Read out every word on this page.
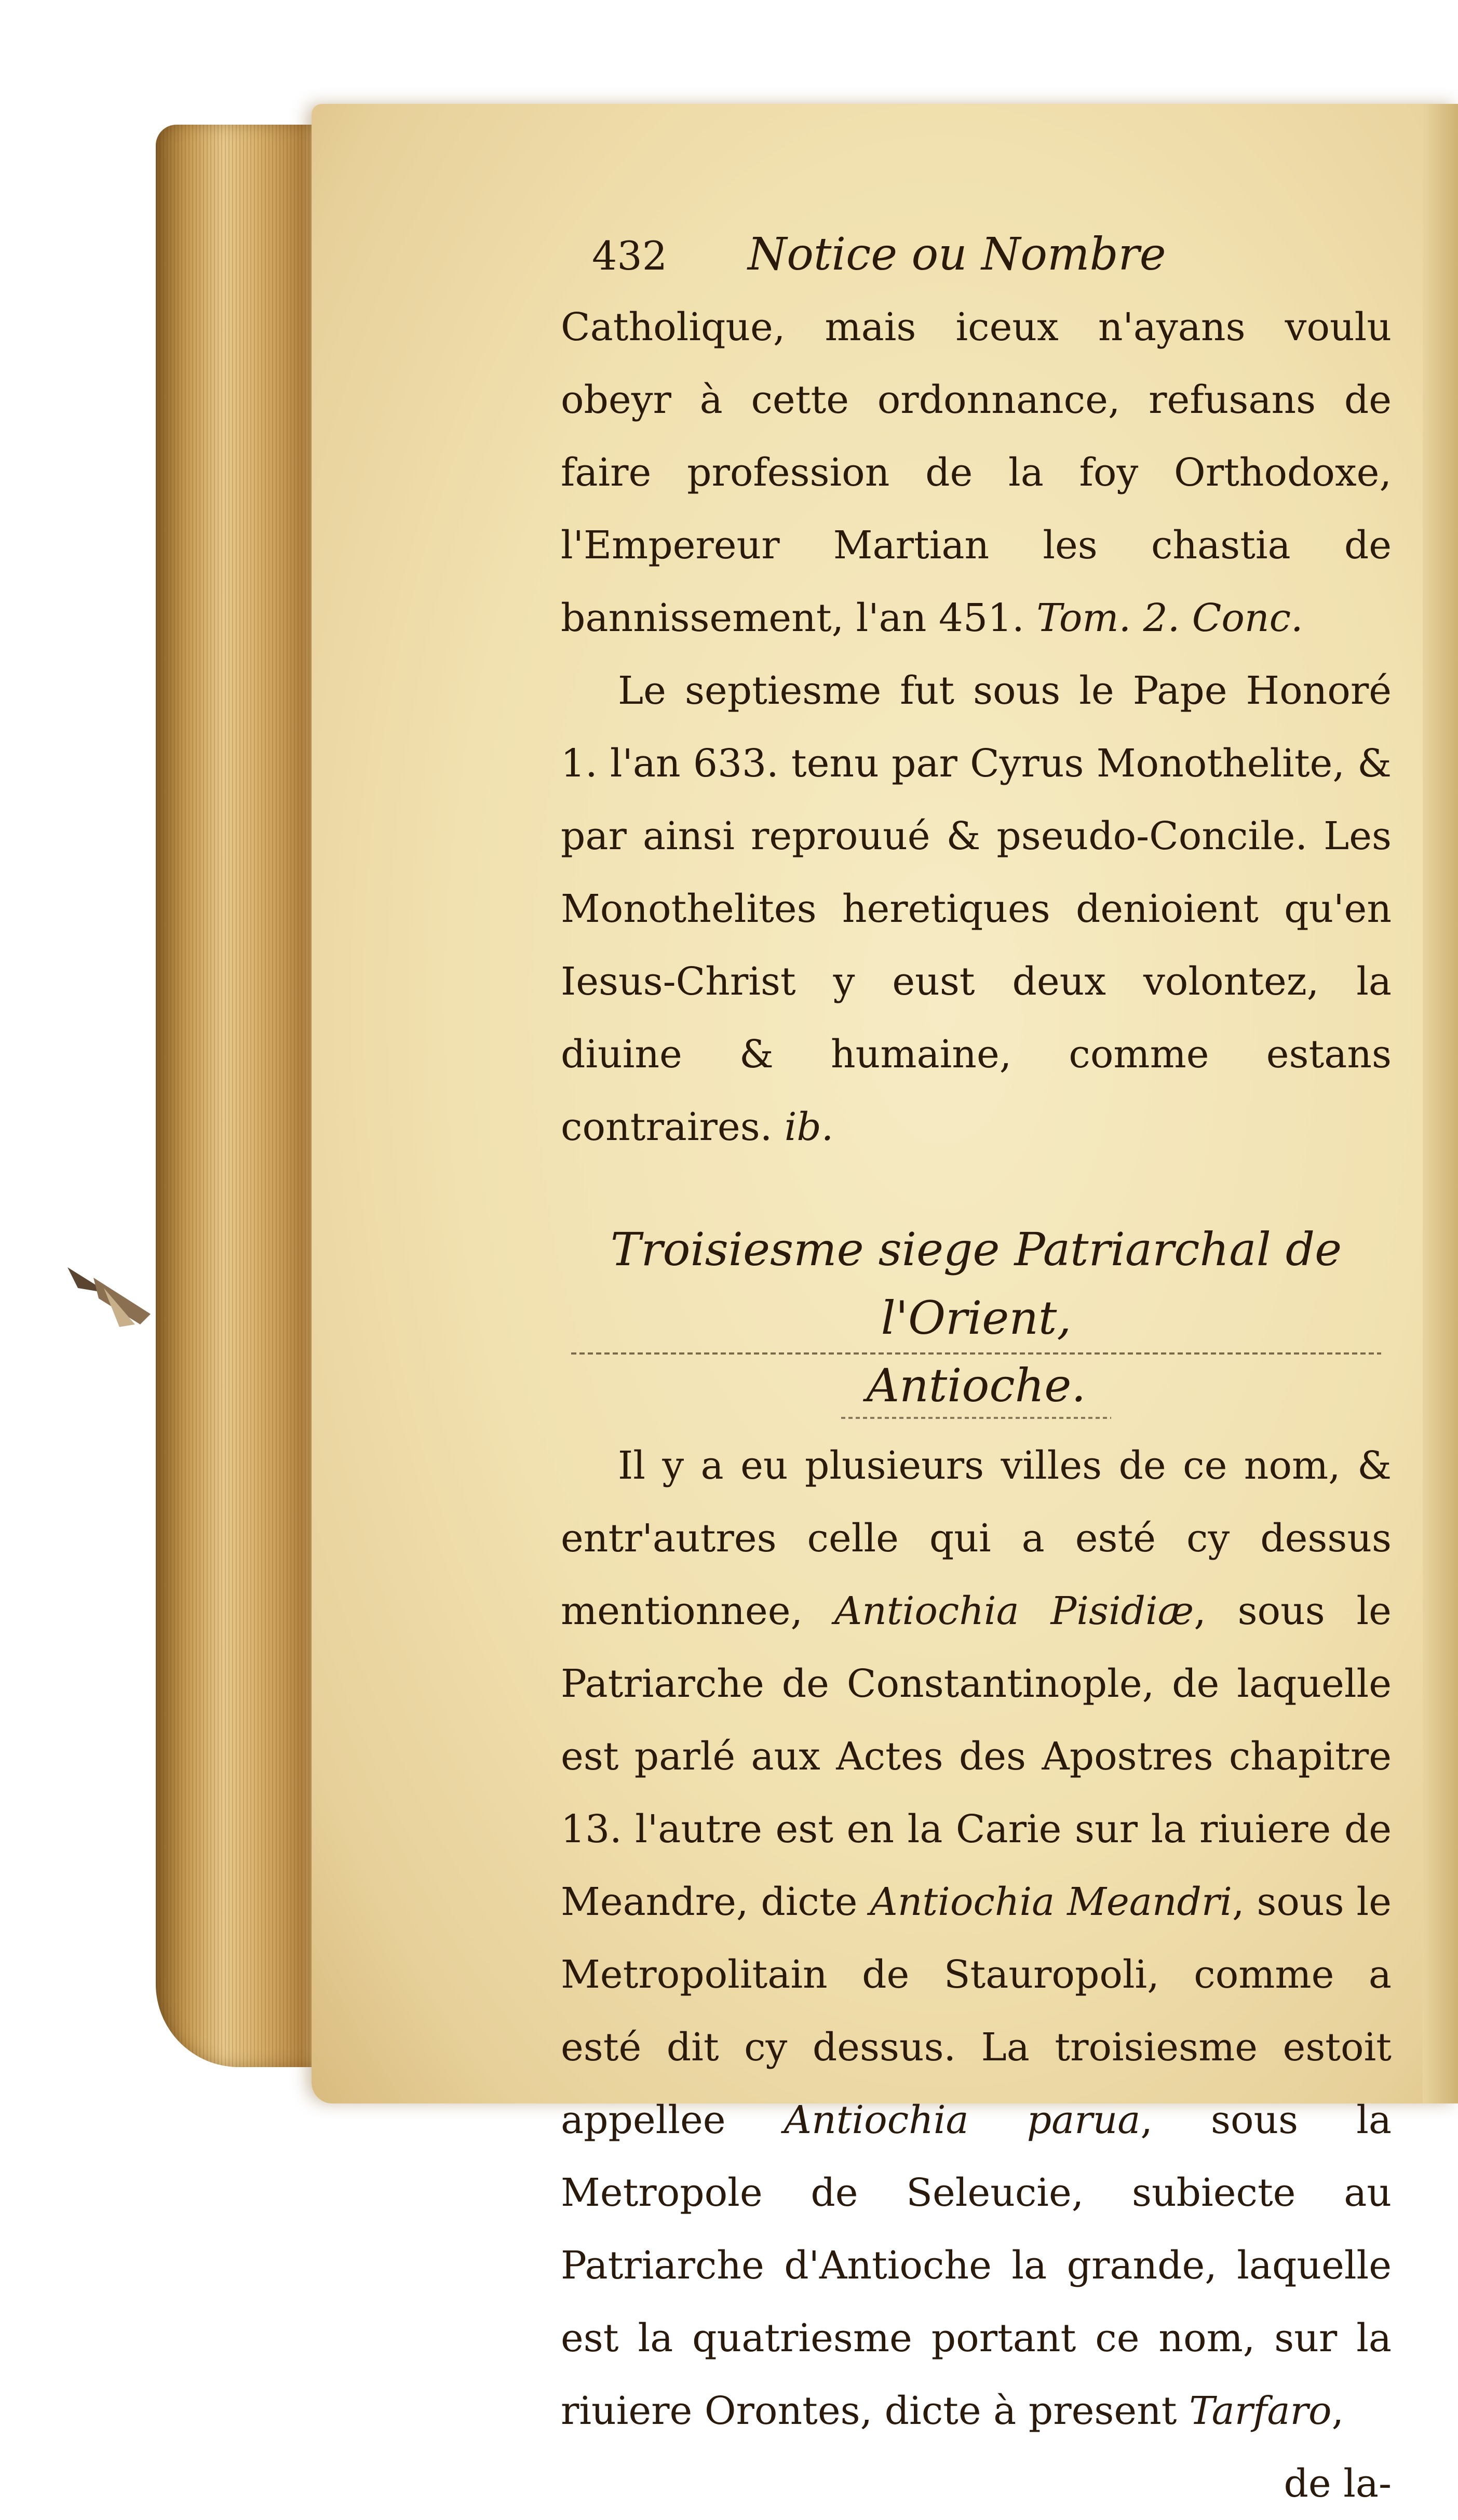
432	Notice ou Nombre

Catholique, mais iceux n'ayans voulu obeyr à cette ordonnance, refusans de faire profession de la foy Orthodoxe, l'Empereur Martian les chastia de bannissement, l'an 451. Tom. 2. Conc.

Le septiesme fut sous le Pape Honoré 1. l'an 633. tenu par Cyrus Monothelite, & par ainsi reprouué & pseudo-Concile. Les Monothelites heretiques denioient qu'en Iesus-Christ y eust deux volontez, la diuine & humaine, comme estans contraires. ib.

Troisiesme siege Patriarchal de l'Orient,
Antioche.

Il y a eu plusieurs villes de ce nom, & entr'autres celle qui a esté cy dessus mentionnee, Antiochia Pisidiæ, sous le Patriarche de Constantinople, de laquelle est parlé aux Actes des Apostres chapitre 13. l'autre est en la Carie sur la riuiere de Meandre, dicte Antiochia Meandri, sous le Metropolitain de Stauropoli, comme a esté dit cy dessus. La troisiesme estoit appellee Antiochia parua, sous la Metropole de Seleucie, subiecte au Patriarche d'Antioche la grande, laquelle est la quatriesme portant ce nom, sur la riuiere Orontes, dicte à present Tarfaro,

de la-
